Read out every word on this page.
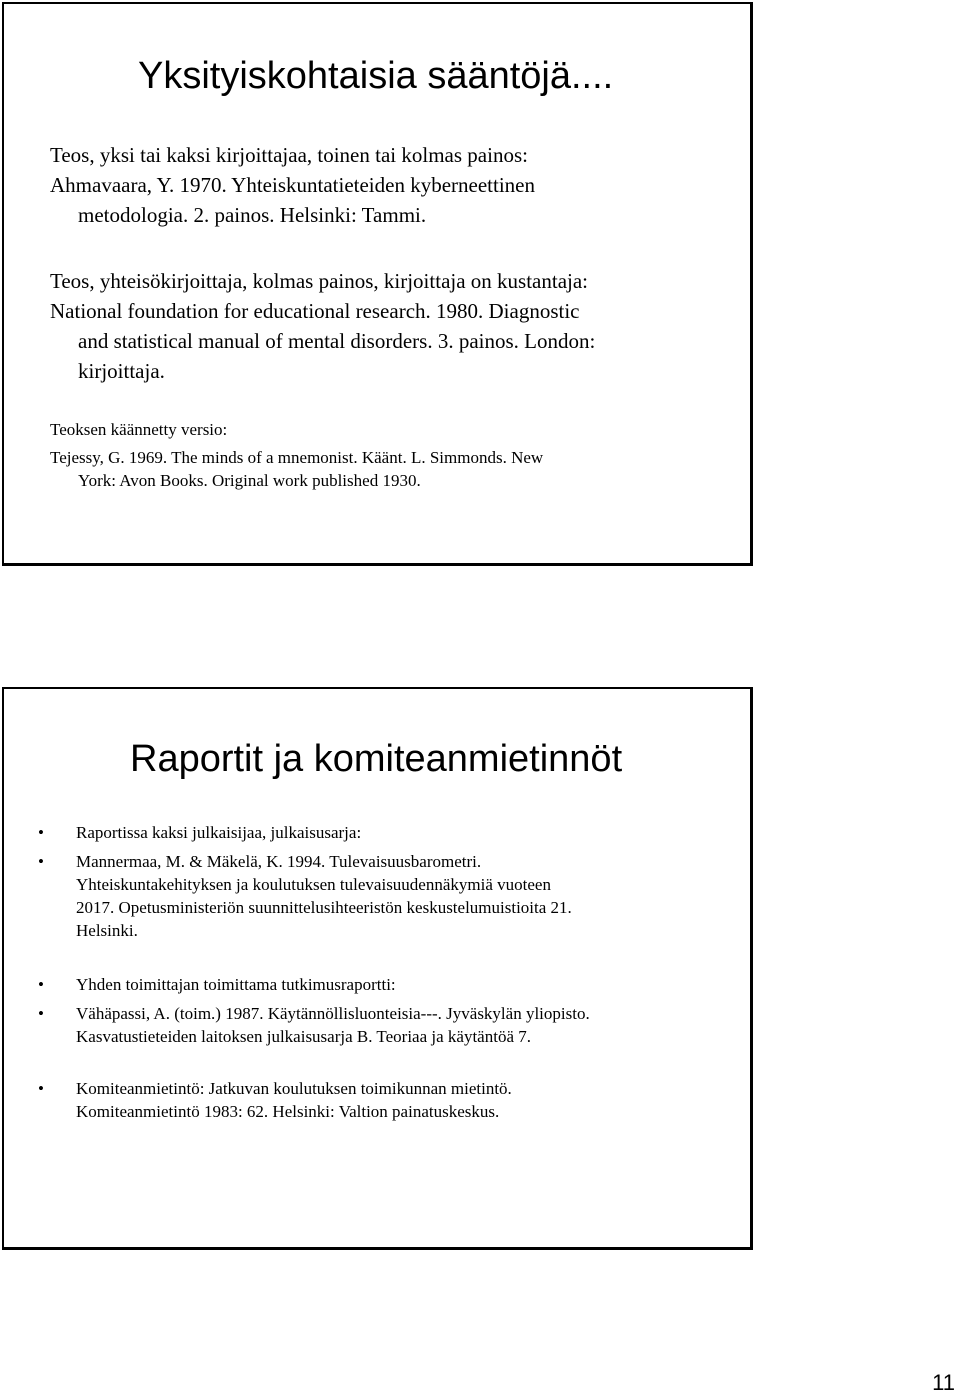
Yksityiskohtaisia sääntöjä....

Teos, yksi tai kaksi kirjoittajaa, toinen tai kolmas painos:
Ahmavaara, Y. 1970. Yhteiskuntatieteiden kyberneettinen

metodologia. 2. painos. Helsinki: Tammi.

Teos, yhteisökirjoittaja, kolmas painos, kirjoittaja on kustantaja:
National foundation for educational research. 1980. Diagnostic

and statistical manual of mental disorders. 3. painos. London:
kirjoittaja.

Teoksen käännetty versio:

Tejessy, G. 1969. The minds of a mnemonist. Käänt. L. Simmonds. New

York: Avon Books. Original work published 1930.

Raportit ja komiteanmietinnöt
• Raportissa kaksi julkaisijaa, julkaisusarja:
• Mannermaa, M. & Mäkelä, K. 1994. Tulevaisuusbarometri.
Yhteiskuntakehityksen ja koulutuksen tulevaisuudennäkymiä vuoteen
2017. Opetusministeriön suunnittelusihteeristön keskustelumuistioita 21.
Helsinki.
• Yhden toimittajan toimittama tutkimusraportti:
• Vähäpassi, A. (toim.) 1987. Käytännöllisluonteisia---. Jyväskylän yliopisto.
Kasvatustieteiden laitoksen julkaisusarja B. Teoriaa ja käytäntöä 7.
• Komiteanmietintö: Jatkuvan koulutuksen toimikunnan mietintö.
Komiteanmietintö 1983: 62. Helsinki: Valtion painatuskeskus.
11
